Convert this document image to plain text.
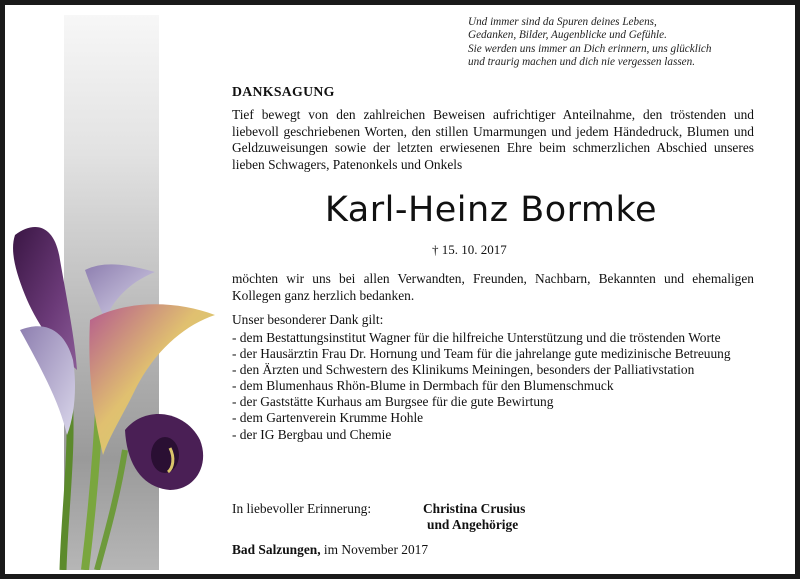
Und immer sind da Spuren deines Lebens,
Gedanken, Bilder, Augenblicke und Gefühle.
Sie werden uns immer an Dich erinnern, uns glücklich
und traurig machen und dich nie vergessen lassen.
DANKSAGUNG
Tief bewegt von den zahlreichen Beweisen aufrichtiger Anteilnahme, den tröstenden und liebevoll geschriebenen Worten, den stillen Umarmungen und jedem Händedruck, Blumen und Geldzuweisungen sowie der letzten erwiesenen Ehre beim schmerzlichen Abschied unseres lieben Schwagers, Patenonkels und Onkels
Karl-Heinz Bormke
† 15. 10. 2017
möchten wir uns bei allen Verwandten, Freunden, Nachbarn, Bekannten und ehemaligen Kollegen ganz herzlich bedanken.
Unser besonderer Dank gilt:
- dem Bestattungsinstitut Wagner für die hilfreiche Unterstützung und die tröstenden Worte
- der Hausärztin Frau Dr. Hornung und Team für die jahrelange gute medizinische Betreuung
- den Ärzten und Schwestern des Klinikums Meiningen, besonders der Palliativstation
- dem Blumenhaus Rhön-Blume in Dermbach für den Blumenschmuck
- der Gaststätte Kurhaus am Burgsee für die gute Bewirtung
- dem Gartenverein Krumme Hohle
- der IG Bergbau und Chemie
In liebevoller Erinnerung:	Christina Crusius
und Angehörige
Bad Salzungen, im November 2017
